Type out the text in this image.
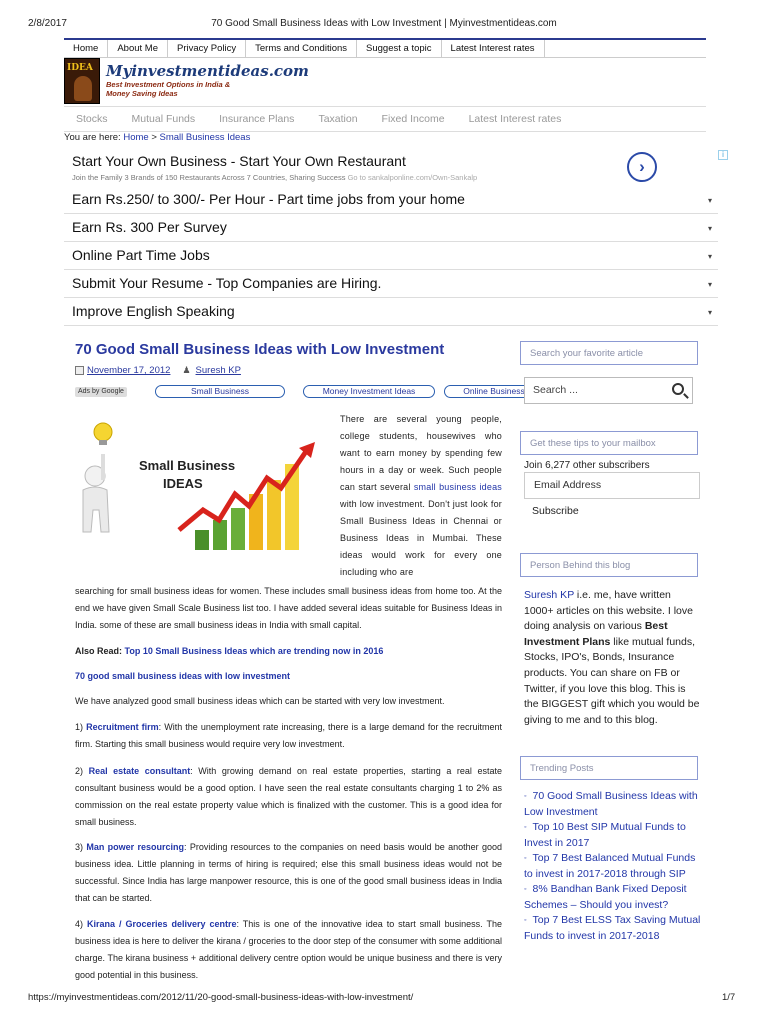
2/8/2017	70 Good Small Business Ideas with Low Investment | Myinvestmentideas.com
Home	About Me	Privacy Policy	Terms and Conditions	Suggest a topic	Latest Interest rates
IDEA Myinvestmentideas.com
Best Investment Options in India &
Money Saving Ideas
Stocks	Mutual Funds	Insurance Plans	Taxation	Fixed Income	Latest Interest rates
You are here: Home > Small Business Ideas
Start Your Own Business - Start Your Own Restaurant
Join the Family 3 Brands of 150 Restaurants Across 7 Countries, Sharing Success Go to sankalponline.com/Own-Sankalp
›
i
Earn Rs.250/ to 300/- Per Hour - Part time jobs from your home	▾
Earn Rs. 300 Per Survey	▾
Online Part Time Jobs	▾
Submit Your Resume - Top Companies are Hiring.	▾
Improve English Speaking	▾
70 Good Small Business Ideas with Low Investment
November 17, 2012 ♟ Suresh KP
Ads by Google	Small Business	Money Investment Ideas	Online Business
Small Business
IDEAS
There are several young people, college students, housewives who want to earn money by spending few hours in a day or week. Such people can start several small business ideas with low investment. Don't just look for Small Business Ideas in Chennai or Business Ideas in Mumbai. These ideas would work for every one including who are
searching for small business ideas for women. These includes small business ideas from home too. At the end we have given Small Scale Business list too. I have added several ideas suitable for Business Ideas in India. some of these are small business ideas in India with small capital.
Also Read: Top 10 Small Business Ideas which are trending now in 2016
70 good small business ideas with low investment
We have analyzed good small business ideas which can be started with very low investment.
1) Recruitment firm: With the unemployment rate increasing, there is a large demand for the recruitment firm. Starting this small business would require very low investment.
2) Real estate consultant: With growing demand on real estate properties, starting a real estate consultant business would be a good option. I have seen the real estate consultants charging 1 to 2% as commission on the real estate property value which is finalized with the customer. This is a good idea for small business.
3) Man power resourcing: Providing resources to the companies on need basis would be another good business idea. Little planning in terms of hiring is required; else this small business ideas would not be successful. Since India has large manpower resource, this is one of the good small business ideas in India that can be started.
4) Kirana / Groceries delivery centre: This is one of the innovative idea to start small business. The business idea is here to deliver the kirana / groceries to the door step of the consumer with some additional charge. The kirana business + additional delivery centre option would be unique business and there is very good potential in this business.
Search your favorite article
Search ...
Get these tips to your mailbox
Join 6,277 other subscribers
Email Address
Subscribe
Person Behind this blog
Suresh KP i.e. me, have written 1000+ articles on this website. I love doing analysis on various Best Investment Plans like mutual funds, Stocks, IPO's, Bonds, Insurance products. You can share on FB or Twitter, if you love this blog. This is the BIGGEST gift which you would be giving to me and to this blog.
Trending Posts
◦ 70 Good Small Business Ideas with Low Investment
◦ Top 10 Best SIP Mutual Funds to Invest in 2017
◦ Top 7 Best Balanced Mutual Funds to invest in 2017-2018 through SIP
◦ 8% Bandhan Bank Fixed Deposit Schemes – Should you invest?
◦ Top 7 Best ELSS Tax Saving Mutual Funds to invest in 2017-2018
https://myinvestmentideas.com/2012/11/20-good-small-business-ideas-with-low-investment/	1/7
